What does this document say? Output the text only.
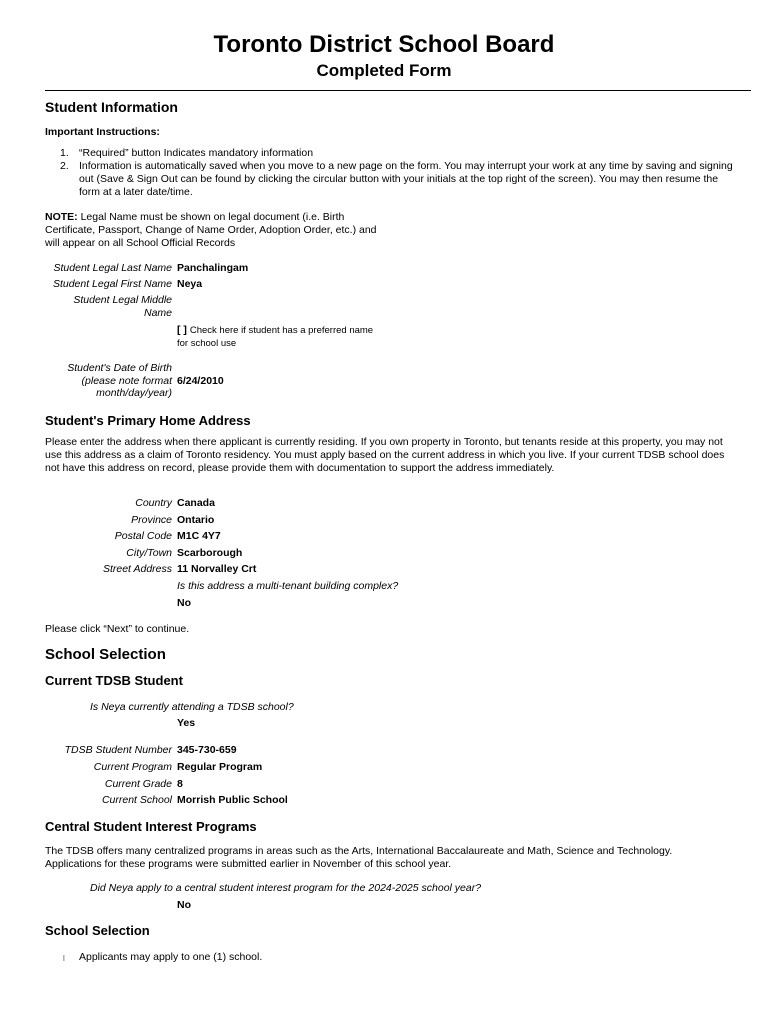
Toronto District School Board
Completed Form
Student Information
Important Instructions:
1. “Required” button Indicates mandatory information
2. Information is automatically saved when you move to a new page on the form. You may interrupt your work at any time by saving and signing out (Save & Sign Out can be found by clicking the circular button with your initials at the top right of the screen). You may then resume the form at a later date/time.
NOTE: Legal Name must be shown on legal document (i.e. Birth
Certificate, Passport, Change of Name Order, Adoption Order, etc.) and
will appear on all School Official Records
Student Legal Last Name Panchalingam
Student Legal First Name Neya
Student Legal Middle
Name
[ ] Check here if student has a preferred name
for school use
Student's Date of Birth
(please note format
month/day/year)
6/24/2010
Student's Primary Home Address
Please enter the address when there applicant is currently residing. If you own property in Toronto, but tenants reside at this property, you may not use this address as a claim of Toronto residency. You must apply based on the current address in which you live. If your current TDSB school does not have this address on record, please provide them with documentation to support the address immediately.
Country Canada
Province Ontario
Postal Code M1C 4Y7
City/Town Scarborough
Street Address 11 Norvalley Crt
Is this address a multi-tenant building complex?
No
Please click “Next” to continue.
School Selection
Current TDSB Student
Is Neya currently attending a TDSB school?
Yes
TDSB Student Number 345-730-659
Current Program Regular Program
Current Grade 8
Current School Morrish Public School
Central Student Interest Programs
The TDSB offers many centralized programs in areas such as the Arts, International Baccalaureate and Math, Science and Technology.
Applications for these programs were submitted earlier in November of this school year.
Did Neya apply to a central student interest program for the 2024-2025 school year?
No
School Selection
l Applicants may apply to one (1) school.
